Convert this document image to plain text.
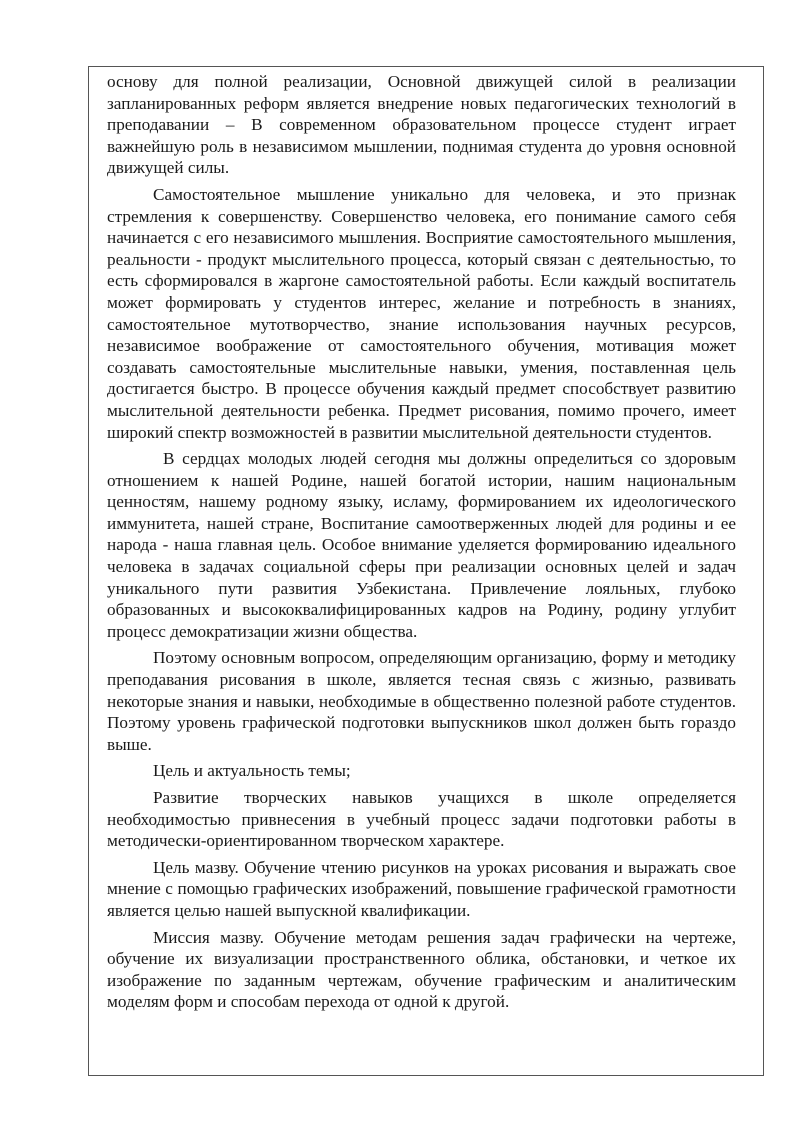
основу для полной реализации, Основной движущей силой в реализации запланированных реформ является внедрение новых педагогических технологий в преподавании – В современном образовательном процессе студент играет важнейшую роль в независимом мышлении, поднимая студента до уровня основной движущей силы.

Самостоятельное мышление уникально для человека, и это признак стремления к совершенству. Совершенство человека, его понимание самого себя начинается с его независимого мышления. Восприятие самостоятельного мышления, реальности - продукт мыслительного процесса, который связан с деятельностью, то есть сформировался в жаргоне самостоятельной работы. Если каждый воспитатель может формировать у студентов интерес, желание и потребность в знаниях, самостоятельное мутотворчество, знание использования научных ресурсов, независимое воображение от самостоятельного обучения, мотивация может создавать самостоятельные мыслительные навыки, умения, поставленная цель достигается быстро. В процессе обучения каждый предмет способствует развитию мыслительной деятельности ребенка. Предмет рисования, помимо прочего, имеет широкий спектр возможностей в развитии мыслительной деятельности студентов.

В сердцах молодых людей сегодня мы должны определиться со здоровым отношением к нашей Родине, нашей богатой истории, нашим национальным ценностям, нашему родному языку, исламу, формированием их идеологического иммунитета, нашей стране, Воспитание самоотверженных людей для родины и ее народа - наша главная цель. Особое внимание уделяется формированию идеального человека в задачах социальной сферы при реализации основных целей и задач уникального пути развития Узбекистана. Привлечение лояльных, глубоко образованных и высококвалифицированных кадров на Родину, родину углубит процесс демократизации жизни общества.

Поэтому основным вопросом, определяющим организацию, форму и методику преподавания рисования в школе, является тесная связь с жизнью, развивать некоторые знания и навыки, необходимые в общественно полезной работе студентов. Поэтому уровень графической подготовки выпускников школ должен быть гораздо выше.

Цель и актуальность темы;

Развитие творческих навыков учащихся в школе определяется необходимостью привнесения в учебный процесс задачи подготовки работы в методически-ориентированном творческом характере.

Цель мазву. Обучение чтению рисунков на уроках рисования и выражать свое мнение с помощью графических изображений, повышение графической грамотности является целью нашей выпускной квалификации.

Миссия мазву. Обучение методам решения задач графически на чертеже, обучение их визуализации пространственного облика, обстановки, и четкое их изображение по заданным чертежам, обучение графическим и аналитическим моделям форм и способам перехода от одной к другой.
